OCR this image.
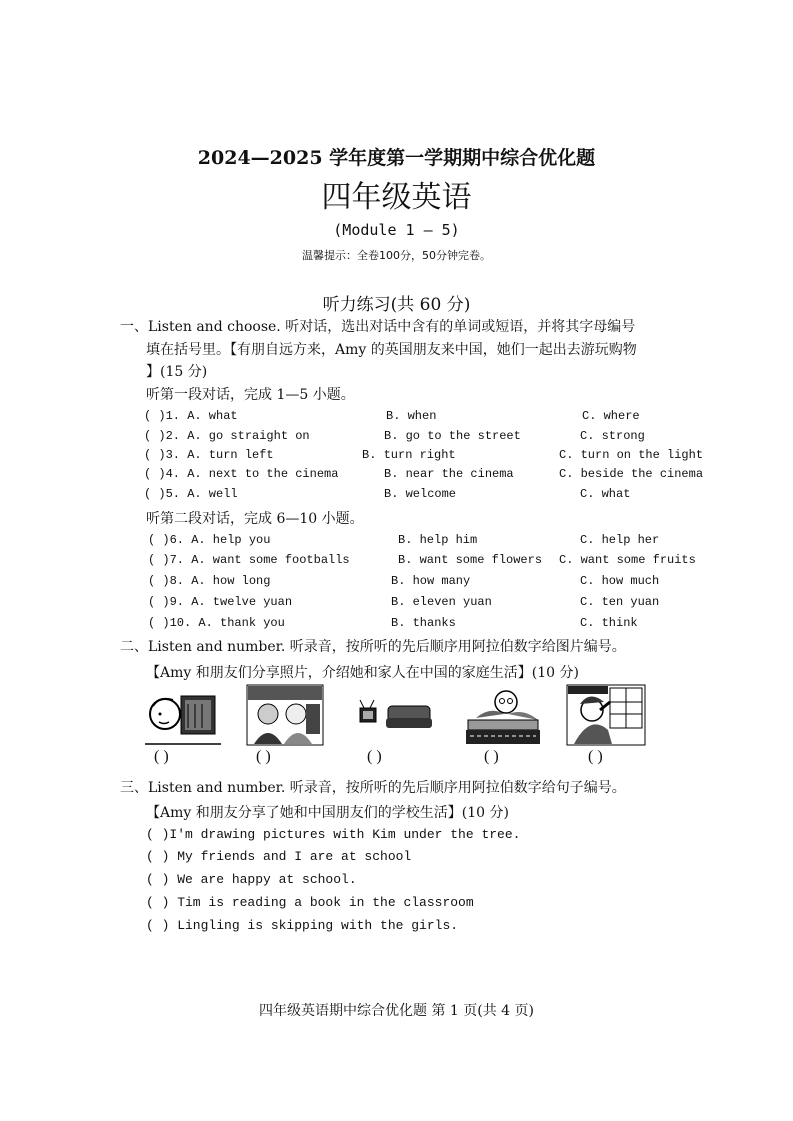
2024—2025 学年度第一学期期中综合优化题
四年级英语
(Module 1 — 5)
温馨提示：全卷100分，50分钟完卷。
听力练习(共 60 分)
一、Listen and choose. 听对话，选出对话中含有的单词或短语，并将其字母编号
填在括号里。【有朋自远方来，Amy 的英国朋友来中国，她们一起出去游玩购物
】(15 分)
听第一段对话，完成 1—5 小题。
( )1. A. what	B. when	C. where
( )2. A. go straight on	B. go to the street	C. strong
( )3. A. turn left	B. turn right	C. turn on the light
( )4. A. next to the cinema	B. near the cinema	C. beside the cinema
( )5. A. well	B. welcome	C. what
听第二段对话，完成 6—10 小题。
( )6. A. help you	B. help him	C. help her
( )7. A. want some footballs	B. want some flowers C. want some fruits
( )8. A. how long	B. how many	C. how much
( )9. A. twelve yuan	B. eleven yuan	C. ten yuan
( )10. A. thank you	B. thanks	C. think
二、Listen and number. 听录音，按所听的先后顺序用阿拉伯数字给图片编号。
【Amy 和朋友们分享照片，介绍她和家人在中国的家庭生活】(10 分)
( )	( )	( )	( )	( )
三、Listen and number. 听录音，按所听的先后顺序用阿拉伯数字给句子编号。
【Amy 和朋友分享了她和中国朋友们的学校生活】(10 分)
( )I'm drawing pictures with Kim under the tree.
( ) My friends and I are at school
( ) We are happy at school.
( ) Tim is reading a book in the classroom
( ) Lingling is skipping with the girls.
四年级英语期中综合优化题 第 1 页(共 4 页)
